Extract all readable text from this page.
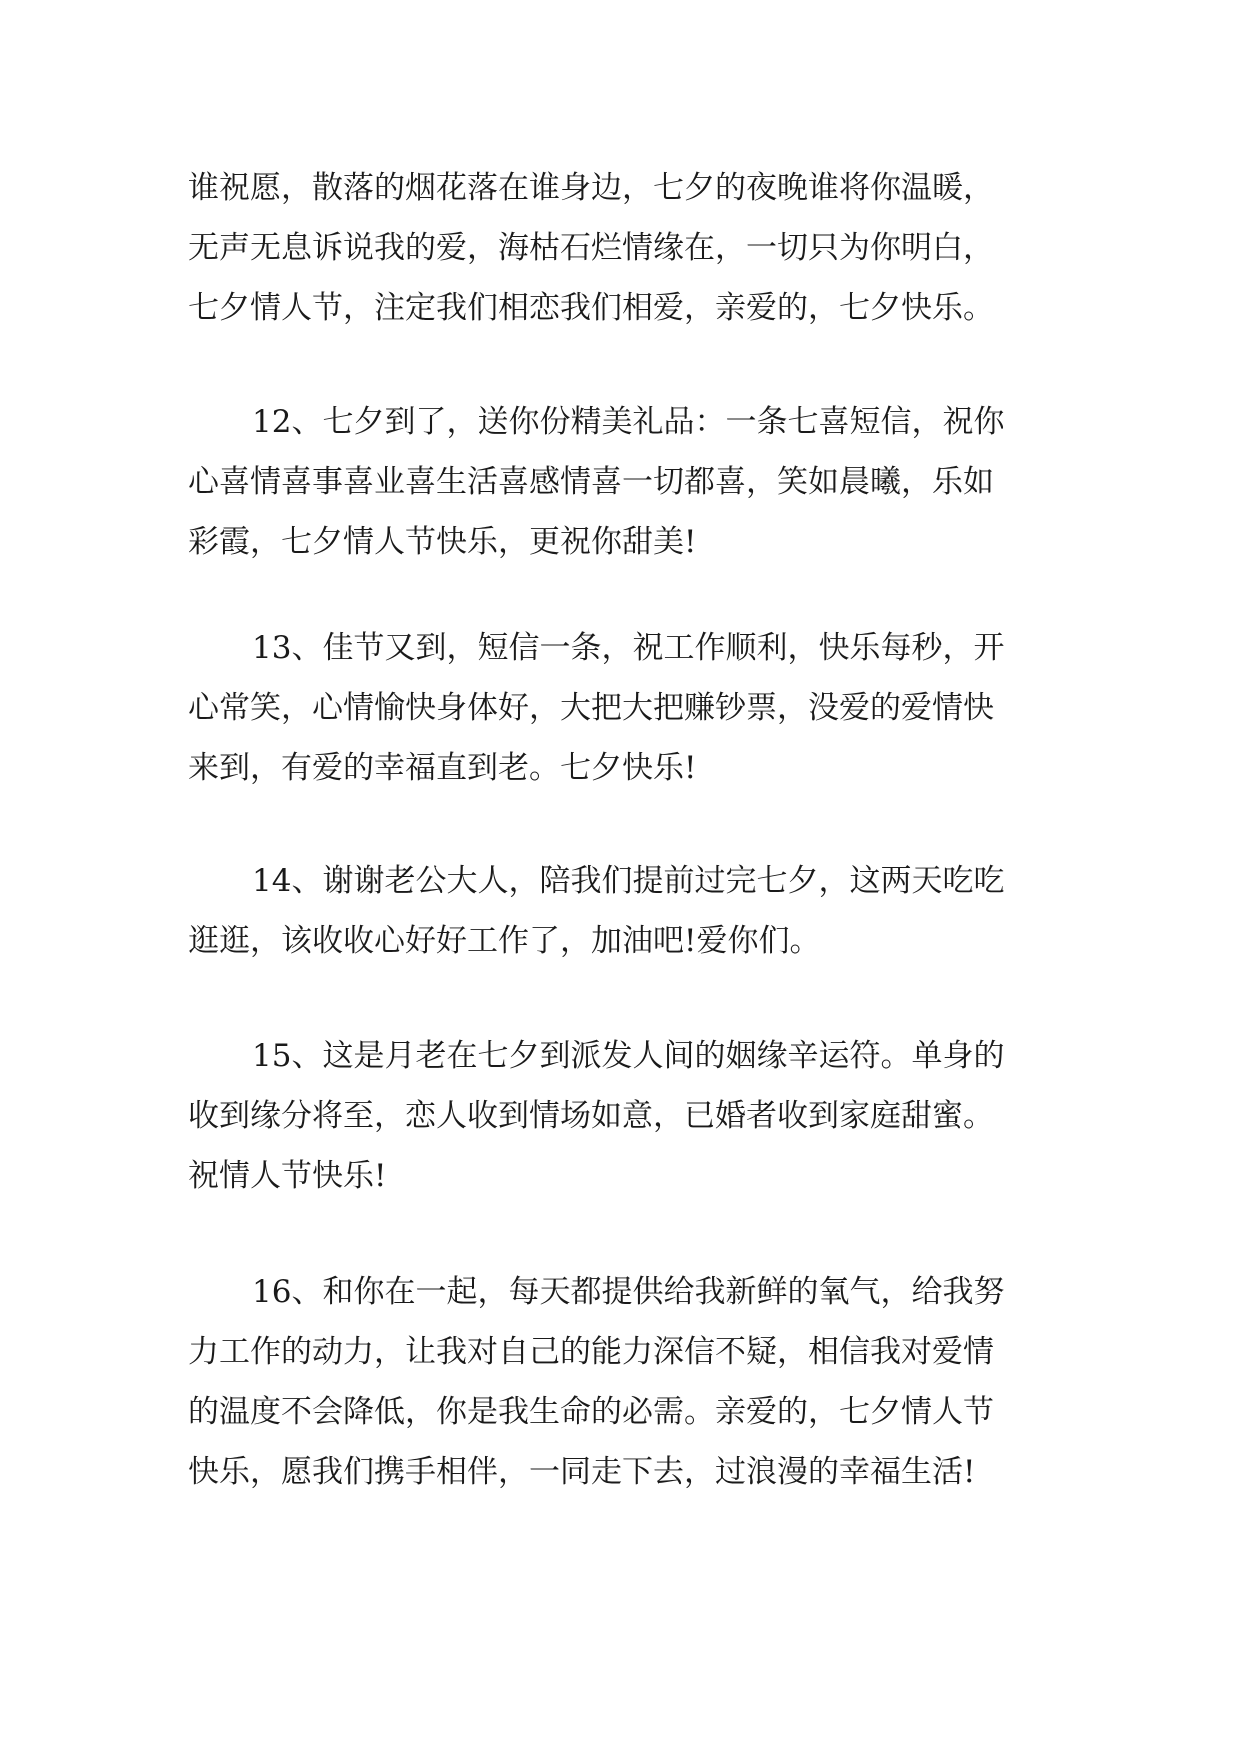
谁祝愿，散落的烟花落在谁身边，七夕的夜晚谁将你温暖，
无声无息诉说我的爱，海枯石烂情缘在，一切只为你明白，
七夕情人节，注定我们相恋我们相爱，亲爱的，七夕快乐。
12、七夕到了，送你份精美礼品：一条七喜短信，祝你
心喜情喜事喜业喜生活喜感情喜一切都喜，笑如晨曦，乐如
彩霞，七夕情人节快乐，更祝你甜美!
13、佳节又到，短信一条，祝工作顺利，快乐每秒，开
心常笑，心情愉快身体好，大把大把赚钞票，没爱的爱情快
来到，有爱的幸福直到老。七夕快乐!
14、谢谢老公大人，陪我们提前过完七夕，这两天吃吃
逛逛，该收收心好好工作了，加油吧!爱你们。
15、这是月老在七夕到派发人间的姻缘辛运符。单身的
收到缘分将至，恋人收到情场如意，已婚者收到家庭甜蜜。
祝情人节快乐!
16、和你在一起，每天都提供给我新鲜的氧气，给我努
力工作的动力，让我对自己的能力深信不疑，相信我对爱情
的温度不会降低，你是我生命的必需。亲爱的，七夕情人节
快乐，愿我们携手相伴，一同走下去，过浪漫的幸福生活!
